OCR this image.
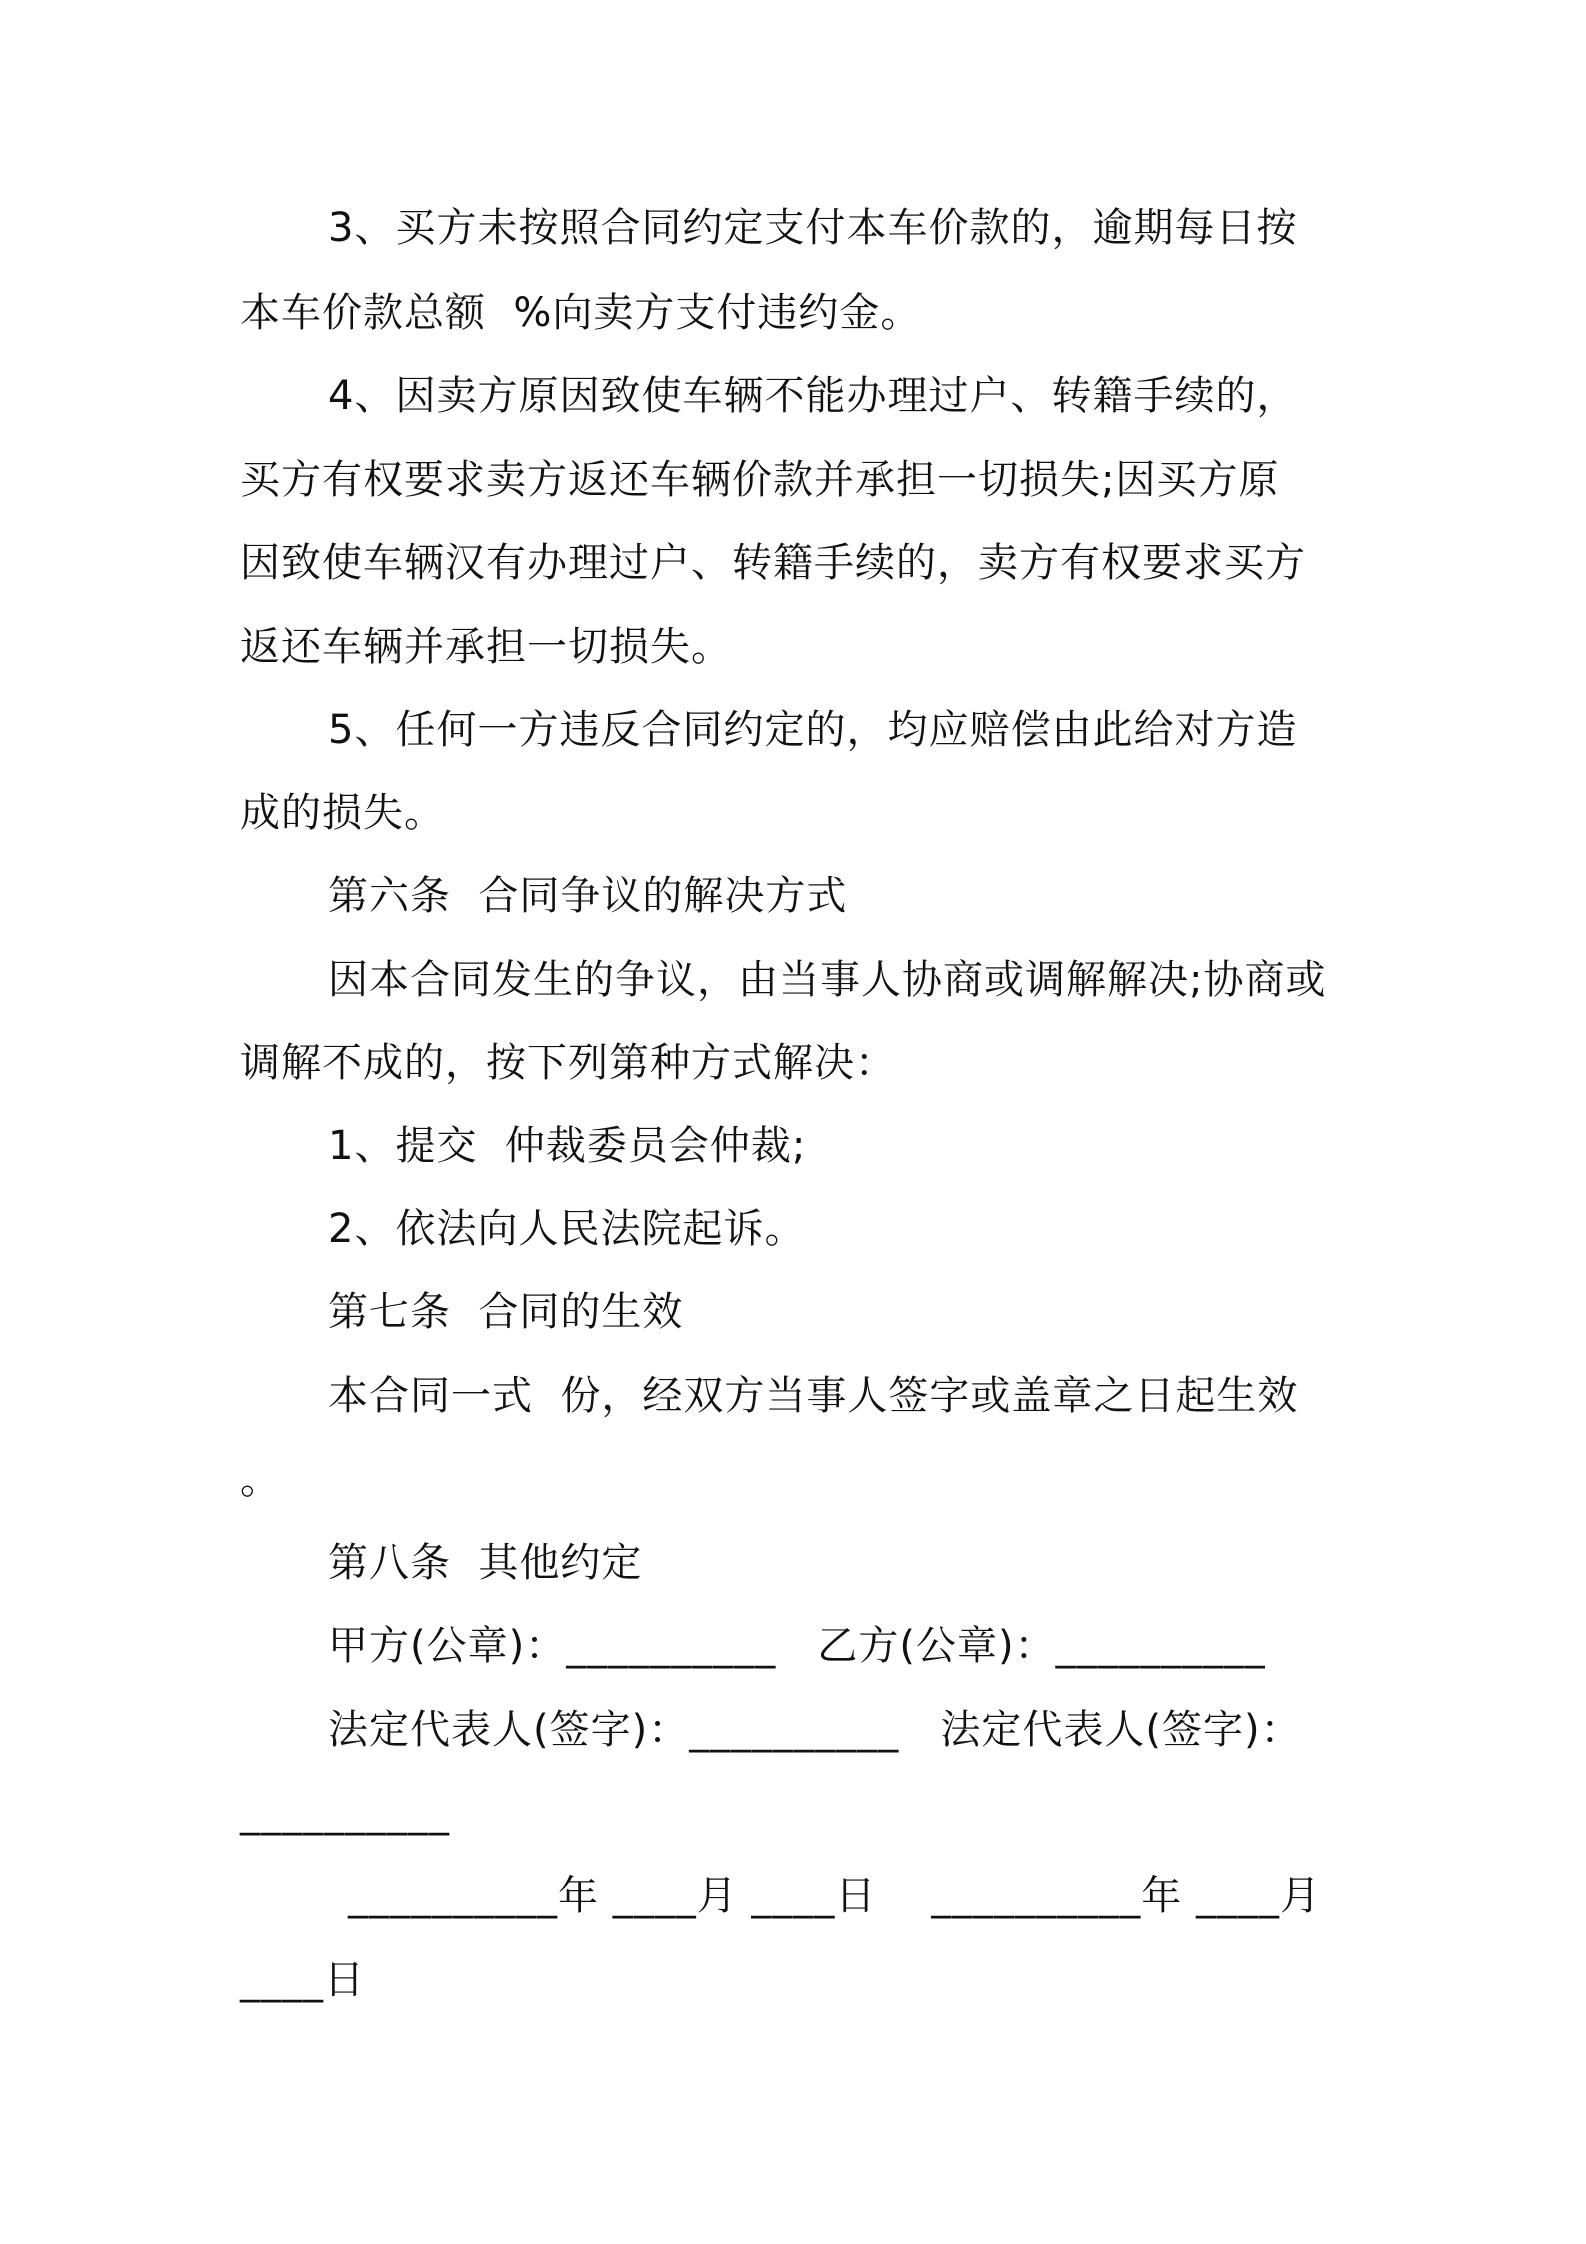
3、买方未按照合同约定支付本车价款的，逾期每日按
本车价款总额  %向卖方支付违约金。
4、因卖方原因致使车辆不能办理过户、转籍手续的，
买方有权要求卖方返还车辆价款并承担一切损失;因买方原
因致使车辆汉有办理过户、转籍手续的，卖方有权要求买方
返还车辆并承担一切损失。
5、任何一方违反合同约定的，均应赔偿由此给对方造
成的损失。
第六条  合同争议的解决方式
因本合同发生的争议，由当事人协商或调解解决;协商或
调解不成的，按下列第种方式解决：
1、提交  仲裁委员会仲裁;
2、依法向人民法院起诉。
第七条  合同的生效
本合同一式  份，经双方当事人签字或盖章之日起生效
。
第八条  其他约定
甲方(公章)：__________   乙方(公章)：__________
法定代表人(签字)：__________   法定代表人(签字)：
__________
__________年 ____月 ____日    __________年 ____月
____日
